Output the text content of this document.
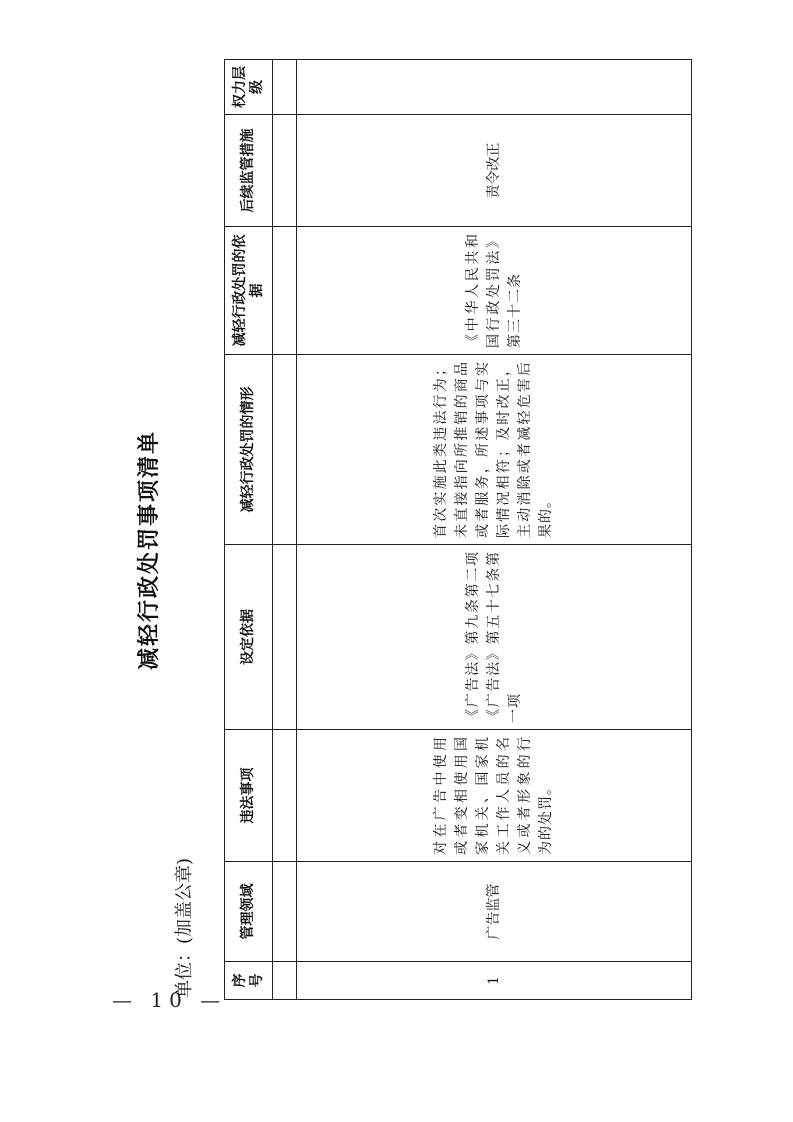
减轻行政处罚事项清单
单位：(加盖公章)	序号	管理领域	违法事项	设定依据	减轻行政处罚的情形	减轻行政处罚的依据	后续监管措施	权力层级

1	广告监管	对在广告中使用或者变相使用国家机关、国家机关工作人员的名义或者形象的行为的处罚。	《广告法》第九条第二项《广告法》第五十七条第一项	首次实施此类违法行为；未直接指向所推销的商品或者服务，所述事项与实际情况相符；及时改正，主动消除或者减轻危害后果的。	《中华人民共和国行政处罚法》第三十二条	责令改正	
— 10 —
